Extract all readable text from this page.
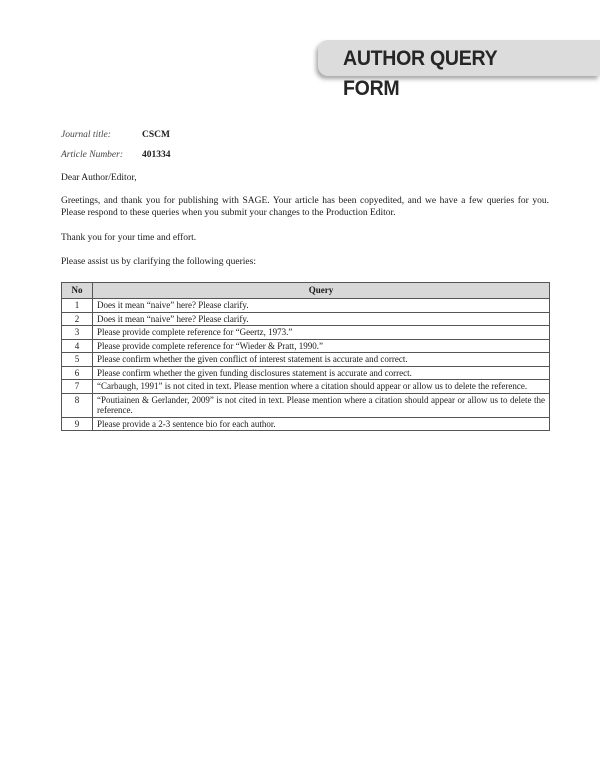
AUTHOR QUERY FORM
Journal title:	CSCM
Article Number: 401334
Dear Author/Editor,
Greetings, and thank you for publishing with SAGE. Your article has been copyedited, and we have a few queries for you. Please respond to these queries when you submit your changes to the Production Editor.
Thank you for your time and effort.
Please assist us by clarifying the following queries:
No	Query
1	Does it mean “naive” here? Please clarify.
2	Does it mean “naive” here? Please clarify.
3	Please provide complete reference for “Geertz, 1973.”
4	Please provide complete reference for “Wieder & Pratt, 1990.”
5	Please confirm whether the given conflict of interest statement is accurate and correct.
6	Please confirm whether the given funding disclosures statement is accurate and correct.
7	“Carbaugh, 1991” is not cited in text. Please mention where a citation should appear or allow us to delete the reference.
8	“Poutiainen & Gerlander, 2009” is not cited in text. Please mention where a citation should appear or allow us to delete the reference.
9	Please provide a 2-3 sentence bio for each author.
